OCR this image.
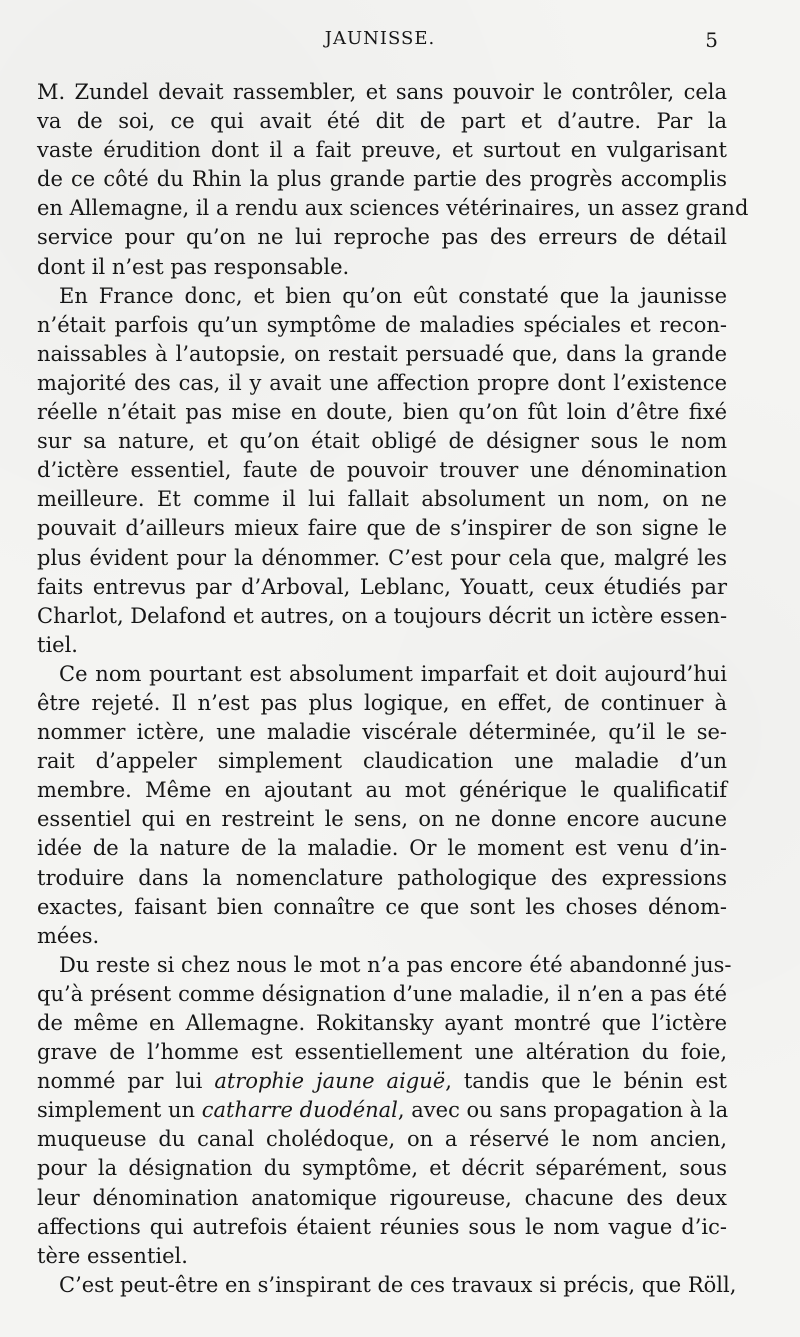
JAUNISSE.	5
M. Zundel devait rassembler, et sans pouvoir le contrôler, cela
va de soi, ce qui avait été dit de part et d’autre. Par la
vaste érudition dont il a fait preuve, et surtout en vulgarisant
de ce côté du Rhin la plus grande partie des progrès accomplis
en Allemagne, il a rendu aux sciences vétérinaires, un assez grand
service pour qu’on ne lui reproche pas des erreurs de détail
dont il n’est pas responsable.
En France donc, et bien qu’on eût constaté que la jaunisse
n’était parfois qu’un symptôme de maladies spéciales et recon-
naissables à l’autopsie, on restait persuadé que, dans la grande
majorité des cas, il y avait une affection propre dont l’existence
réelle n’était pas mise en doute, bien qu’on fût loin d’être fixé
sur sa nature, et qu’on était obligé de désigner sous le nom
d’ictère essentiel, faute de pouvoir trouver une dénomination
meilleure. Et comme il lui fallait absolument un nom, on ne
pouvait d’ailleurs mieux faire que de s’inspirer de son signe le
plus évident pour la dénommer. C’est pour cela que, malgré les
faits entrevus par d’Arboval, Leblanc, Youatt, ceux étudiés par
Charlot, Delafond et autres, on a toujours décrit un ictère essen-
tiel.
Ce nom pourtant est absolument imparfait et doit aujourd’hui
être rejeté. Il n’est pas plus logique, en effet, de continuer à
nommer ictère, une maladie viscérale déterminée, qu’il le se-
rait d’appeler simplement claudication une maladie d’un
membre. Même en ajoutant au mot générique le qualificatif
essentiel qui en restreint le sens, on ne donne encore aucune
idée de la nature de la maladie. Or le moment est venu d’in-
troduire dans la nomenclature pathologique des expressions
exactes, faisant bien connaître ce que sont les choses dénom-
mées.
Du reste si chez nous le mot n’a pas encore été abandonné jus-
qu’à présent comme désignation d’une maladie, il n’en a pas été
de même en Allemagne. Rokitansky ayant montré que l’ictère
grave de l’homme est essentiellement une altération du foie,
nommé par lui atrophie jaune aiguë, tandis que le bénin est
simplement un catharre duodénal, avec ou sans propagation à la
muqueuse du canal cholédoque, on a réservé le nom ancien,
pour la désignation du symptôme, et décrit séparément, sous
leur dénomination anatomique rigoureuse, chacune des deux
affections qui autrefois étaient réunies sous le nom vague d’ic-
tère essentiel.
C’est peut-être en s’inspirant de ces travaux si précis, que Röll,
